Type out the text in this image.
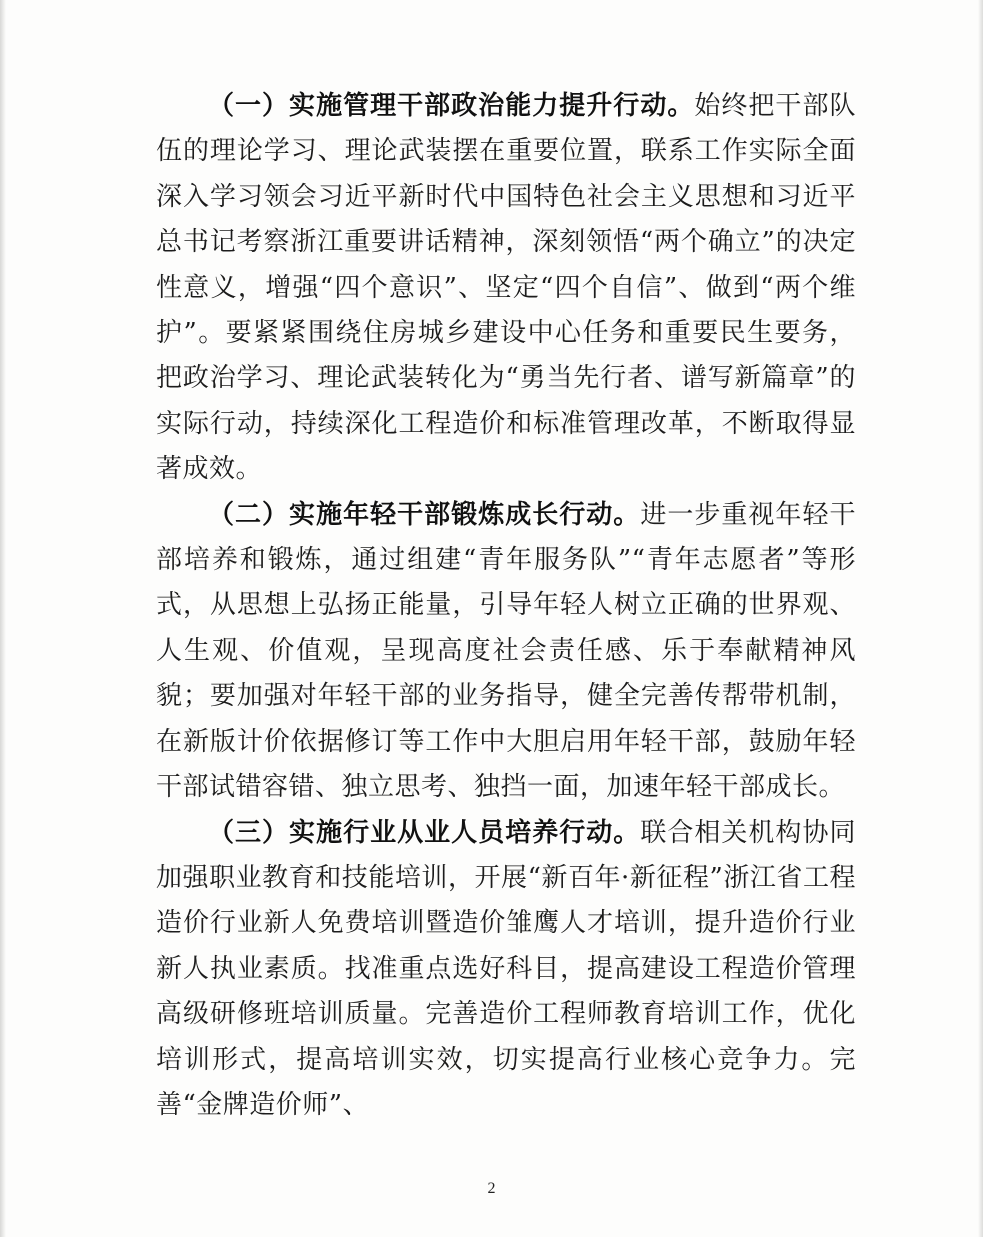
（一）实施管理干部政治能力提升行动。始终把干部队伍的理论学习、理论武装摆在重要位置，联系工作实际全面深入学习领会习近平新时代中国特色社会主义思想和习近平总书记考察浙江重要讲话精神，深刻领悟“两个确立”的决定性意义，增强“四个意识”、坚定“四个自信”、做到“两个维护”。要紧紧围绕住房城乡建设中心任务和重要民生要务，把政治学习、理论武装转化为“勇当先行者、谱写新篇章”的实际行动，持续深化工程造价和标准管理改革，不断取得显著成效。

（二）实施年轻干部锻炼成长行动。进一步重视年轻干部培养和锻炼，通过组建“青年服务队”“青年志愿者”等形式，从思想上弘扬正能量，引导年轻人树立正确的世界观、人生观、价值观，呈现高度社会责任感、乐于奉献精神风貌；要加强对年轻干部的业务指导，健全完善传帮带机制，在新版计价依据修订等工作中大胆启用年轻干部，鼓励年轻干部试错容错、独立思考、独挡一面，加速年轻干部成长。

（三）实施行业从业人员培养行动。联合相关机构协同加强职业教育和技能培训，开展“新百年·新征程”浙江省工程造价行业新人免费培训暨造价雏鹰人才培训，提升造价行业新人执业素质。找准重点选好科目，提高建设工程造价管理高级研修班培训质量。完善造价工程师教育培训工作，优化培训形式，提高培训实效，切实提高行业核心竞争力。完善“金牌造价师”、

2
